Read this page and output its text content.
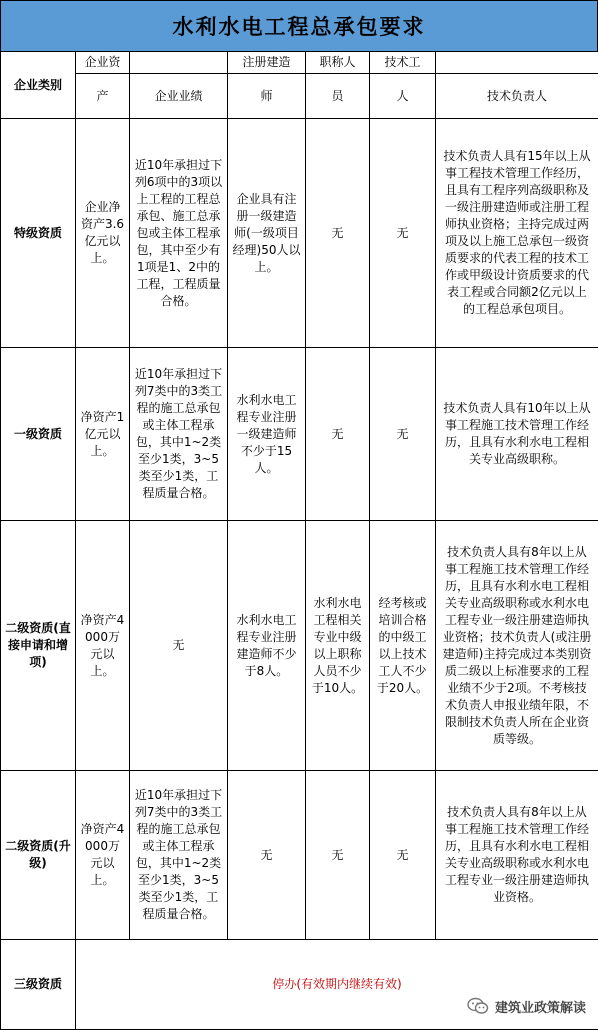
水利水电工程总承包要求
企业类别	企业资		注册建造	职称人	技术工	
	产	企业业绩	师	员	人	技术负责人
特级资质	企业净资产3.6亿元以上。	近10年承担过下列6项中的3项以上工程的工程总承包、施工总承包或主体工程承包，其中至少有1项是1、2中的工程，工程质量合格。	企业具有注册一级建造师(一级项目经理)50人以上。	无	无	技术负责人具有15年以上从事工程技术管理工作经历，且具有工程序列高级职称及一级注册建造师或注册工程师执业资格；主持完成过两项及以上施工总承包一级资质要求的代表工程的技术工作或甲级设计资质要求的代表工程或合同额2亿元以上的工程总承包项目。
一级资质	净资产1亿元以上。	近10年承担过下列7类中的3类工程的施工总承包或主体工程承包，其中1~2类至少1类，3~5类至少1类，工程质量合格。	水利水电工程专业注册一级建造师不少于15人。	无	无	技术负责人具有10年以上从事工程施工技术管理工作经历，且具有水利水电工程相关专业高级职称。
二级资质(直接申请和增项)	净资产4000万元以上。	无	水利水电工程专业注册建造师不少于8人。	水利水电工程相关专业中级以上职称人员不少于10人。	经考核或培训合格的中级工以上技术工人不少于20人。	技术负责人具有8年以上从事工程施工技术管理工作经历，且具有水利水电工程相关专业高级职称或水利水电工程专业一级注册建造师执业资格；技术负责人(或注册建造师)主持完成过本类别资质二级以上标准要求的工程业绩不少于2项。不考核技术负责人申报业绩年限，不限制技术负责人所在企业资质等级。
二级资质(升级)	净资产4000万元以上。	近10年承担过下列7类中的3类工程的施工总承包或主体工程承包，其中1~2类至少1类，3~5类至少1类，工程质量合格。	无	无	无	技术负责人具有8年以上从事工程施工技术管理工作经历，且具有水利水电工程相关专业高级职称或水利水电工程专业一级注册建造师执业资格。
三级资质	停办(有效期内继续有效)					
建筑业政策解读
